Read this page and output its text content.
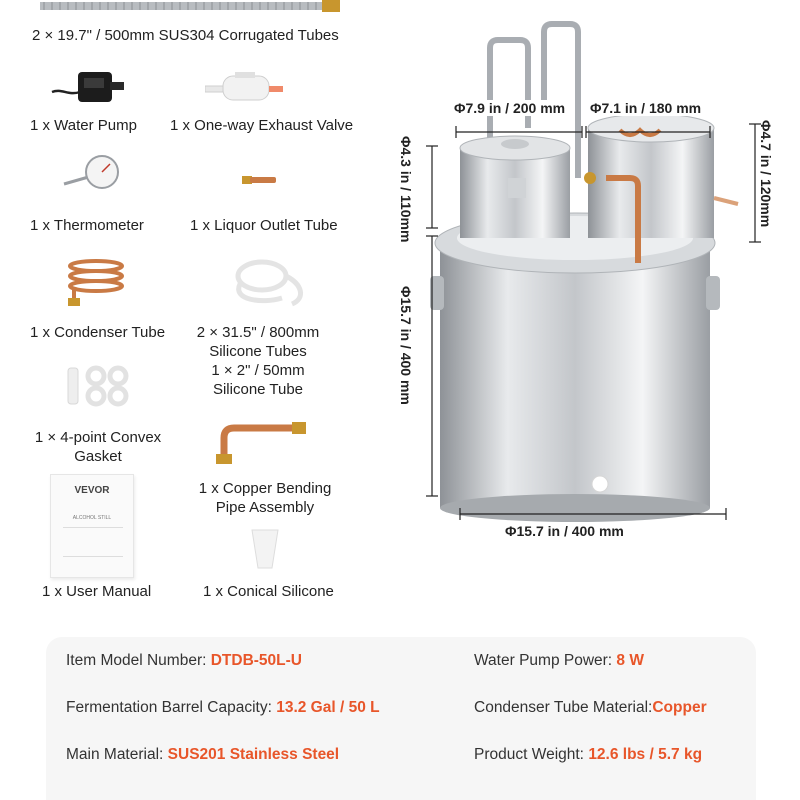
2 × 19.7" / 500mm SUS304 Corrugated Tubes
1 x Water Pump 1 x One-way Exhaust Valve
1 x Thermometer	1 x Liquor Outlet Tube
1 x Condenser Tube	2 × 31.5" / 800mm
Silicone Tubes
1 × 2" / 50mm
Silicone Tube
1 × 4-point Convex
Gasket
1 x Copper Bending
Pipe Assembly
VEVOR
ALCOHOL STILL
1 x User Manual	1 x Conical Silicone
Φ7.9 in / 200 mm Φ7.1 in / 180 mm
Φ4.3 in / 110mm
Φ15.7 in / 400 mm
Φ4.7 in / 120mm
Φ15.7 in / 400 mm
Item Model Number: DTDB-50L-U	Water Pump Power: 8 W
Fermentation Barrel Capacity: 13.2 Gal / 50 L	Condenser Tube Material:Copper
Main Material: SUS201 Stainless Steel	Product Weight: 12.6 lbs / 5.7 kg
